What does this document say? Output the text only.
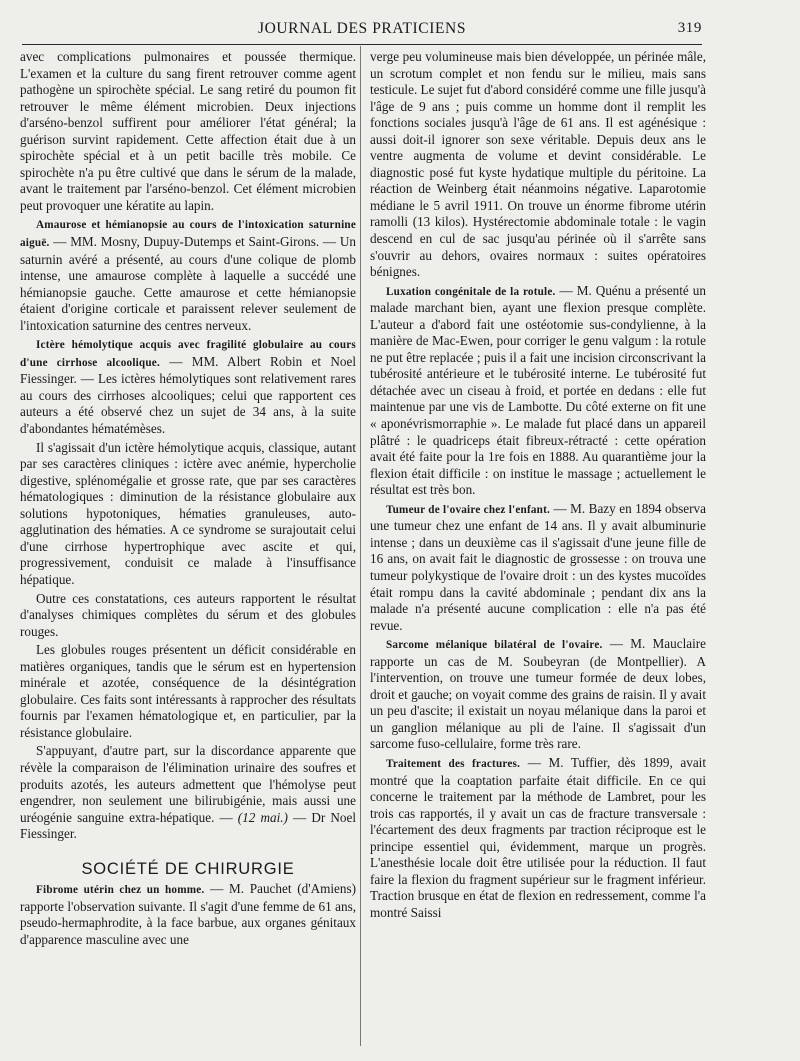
JOURNAL DES PRATICIENS	319

avec complications pulmonaires et poussée thermique. L'examen et la culture du sang firent retrouver comme agent pathogène un spirochète spécial. Le sang retiré du poumon fit retrouver le même élément microbien. Deux injections d'arséno-benzol suffirent pour améliorer l'état général; la guérison survint rapidement. Cette affection était due à un spirochète spécial et à un petit bacille très mobile. Ce spirochète n'a pu être cultivé que dans le sérum de la malade, avant le traitement par l'arséno-benzol. Cet élément microbien peut provoquer une kératite au lapin.

Amaurose et hémianopsie au cours de l'intoxication saturnine aiguë. — MM. Mosny, Dupuy-Dutemps et Saint-Girons. — Un saturnin avéré a présenté, au cours d'une colique de plomb intense, une amaurose complète à laquelle a succédé une hémianopsie gauche. Cette amaurose et cette hémianopsie étaient d'origine corticale et paraissent relever seulement de l'intoxication saturnine des centres nerveux.

Ictère hémolytique acquis avec fragilité globulaire au cours d'une cirrhose alcoolique. — MM. Albert Robin et Noel Fiessinger. — Les ictères hémolytiques sont relativement rares au cours des cirrhoses alcooliques; celui que rapportent ces auteurs a été observé chez un sujet de 34 ans, à la suite d'abondantes hématémèses.

Il s'agissait d'un ictère hémolytique acquis, classique, autant par ses caractères cliniques : ictère avec anémie, hypercholie digestive, splénomégalie et grosse rate, que par ses caractères hématologiques : diminution de la résistance globulaire aux solutions hypotoniques, hématies granuleuses, auto-agglutination des hématies. A ce syndrome se surajoutait celui d'une cirrhose hypertrophique avec ascite et qui, progressivement, conduisit ce malade à l'insuffisance hépatique.

Outre ces constatations, ces auteurs rapportent le résultat d'analyses chimiques complètes du sérum et des globules rouges.

Les globules rouges présentent un déficit considérable en matières organiques, tandis que le sérum est en hypertension minérale et azotée, conséquence de la désintégration globulaire. Ces faits sont intéressants à rapprocher des résultats fournis par l'examen hématologique et, en particulier, par la résistance globulaire.

S'appuyant, d'autre part, sur la discordance apparente que révèle la comparaison de l'élimination urinaire des soufres et produits azotés, les auteurs admettent que l'hémolyse peut engendrer, non seulement une bilirubigénie, mais aussi une uréogénie sanguine extra-hépatique. — (12 mai.) — Dr Noel Fiessinger.

SOCIÉTÉ DE CHIRURGIE

Fibrome utérin chez un homme. — M. Pauchet (d'Amiens) rapporte l'observation suivante. Il s'agit d'une femme de 61 ans, pseudo-hermaphrodite, à la face barbue, aux organes génitaux d'apparence masculine avec une

verge peu volumineuse mais bien développée, un périnée mâle, un scrotum complet et non fendu sur le milieu, mais sans testicule. Le sujet fut d'abord considéré comme une fille jusqu'à l'âge de 9 ans ; puis comme un homme dont il remplit les fonctions sociales jusqu'à l'âge de 61 ans. Il est agénésique : aussi doit-il ignorer son sexe véritable. Depuis deux ans le ventre augmenta de volume et devint considérable. Le diagnostic posé fut kyste hydatique multiple du péritoine. La réaction de Weinberg était néanmoins négative. Laparotomie médiane le 5 avril 1911. On trouve un énorme fibrome utérin ramolli (13 kilos). Hystérectomie abdominale totale : le vagin descend en cul de sac jusqu'au périnée où il s'arrête sans s'ouvrir au dehors, ovaires normaux : suites opératoires bénignes.

Luxation congénitale de la rotule. — M. Quénu a présenté un malade marchant bien, ayant une flexion presque complète. L'auteur a d'abord fait une ostéotomie sus-condylienne, à la manière de Mac-Ewen, pour corriger le genu valgum : la rotule ne put être replacée ; puis il a fait une incision circonscrivant la tubérosité antérieure et le tubérosité interne. Le tubérosité fut détachée avec un ciseau à froid, et portée en dedans : elle fut maintenue par une vis de Lambotte. Du côté externe on fit une « aponévrismorraphie ». Le malade fut placé dans un appareil plâtré : le quadriceps était fibreux-rétracté : cette opération avait été faite pour la 1re fois en 1888. Au quarantième jour la flexion était difficile : on institue le massage ; actuellement le résultat est très bon.

Tumeur de l'ovaire chez l'enfant. — M. Bazy en 1894 observa une tumeur chez une enfant de 14 ans. Il y avait albuminurie intense ; dans un deuxième cas il s'agissait d'une jeune fille de 16 ans, on avait fait le diagnostic de grossesse : on trouva une tumeur polykystique de l'ovaire droit : un des kystes mucoïdes était rompu dans la cavité abdominale ; pendant dix ans la malade n'a présenté aucune complication : elle n'a pas été revue.

Sarcome mélanique bilatéral de l'ovaire. — M. Mauclaire rapporte un cas de M. Soubeyran (de Montpellier). A l'intervention, on trouve une tumeur formée de deux lobes, droit et gauche; on voyait comme des grains de raisin. Il y avait un peu d'ascite; il existait un noyau mélanique dans la paroi et un ganglion mélanique au pli de l'aine. Il s'agissait d'un sarcome fuso-cellulaire, forme très rare.

Traitement des fractures. — M. Tuffier, dès 1899, avait montré que la coaptation parfaite était difficile. En ce qui concerne le traitement par la méthode de Lambret, pour les trois cas rapportés, il y avait un cas de fracture transversale : l'écartement des deux fragments par traction réciproque est le principe essentiel qui, évidemment, marque un progrès. L'anesthésie locale doit être utilisée pour la réduction. Il faut faire la flexion du fragment supérieur sur le fragment inférieur. Traction brusque en état de flexion en redressement, comme l'a montré Saissi
